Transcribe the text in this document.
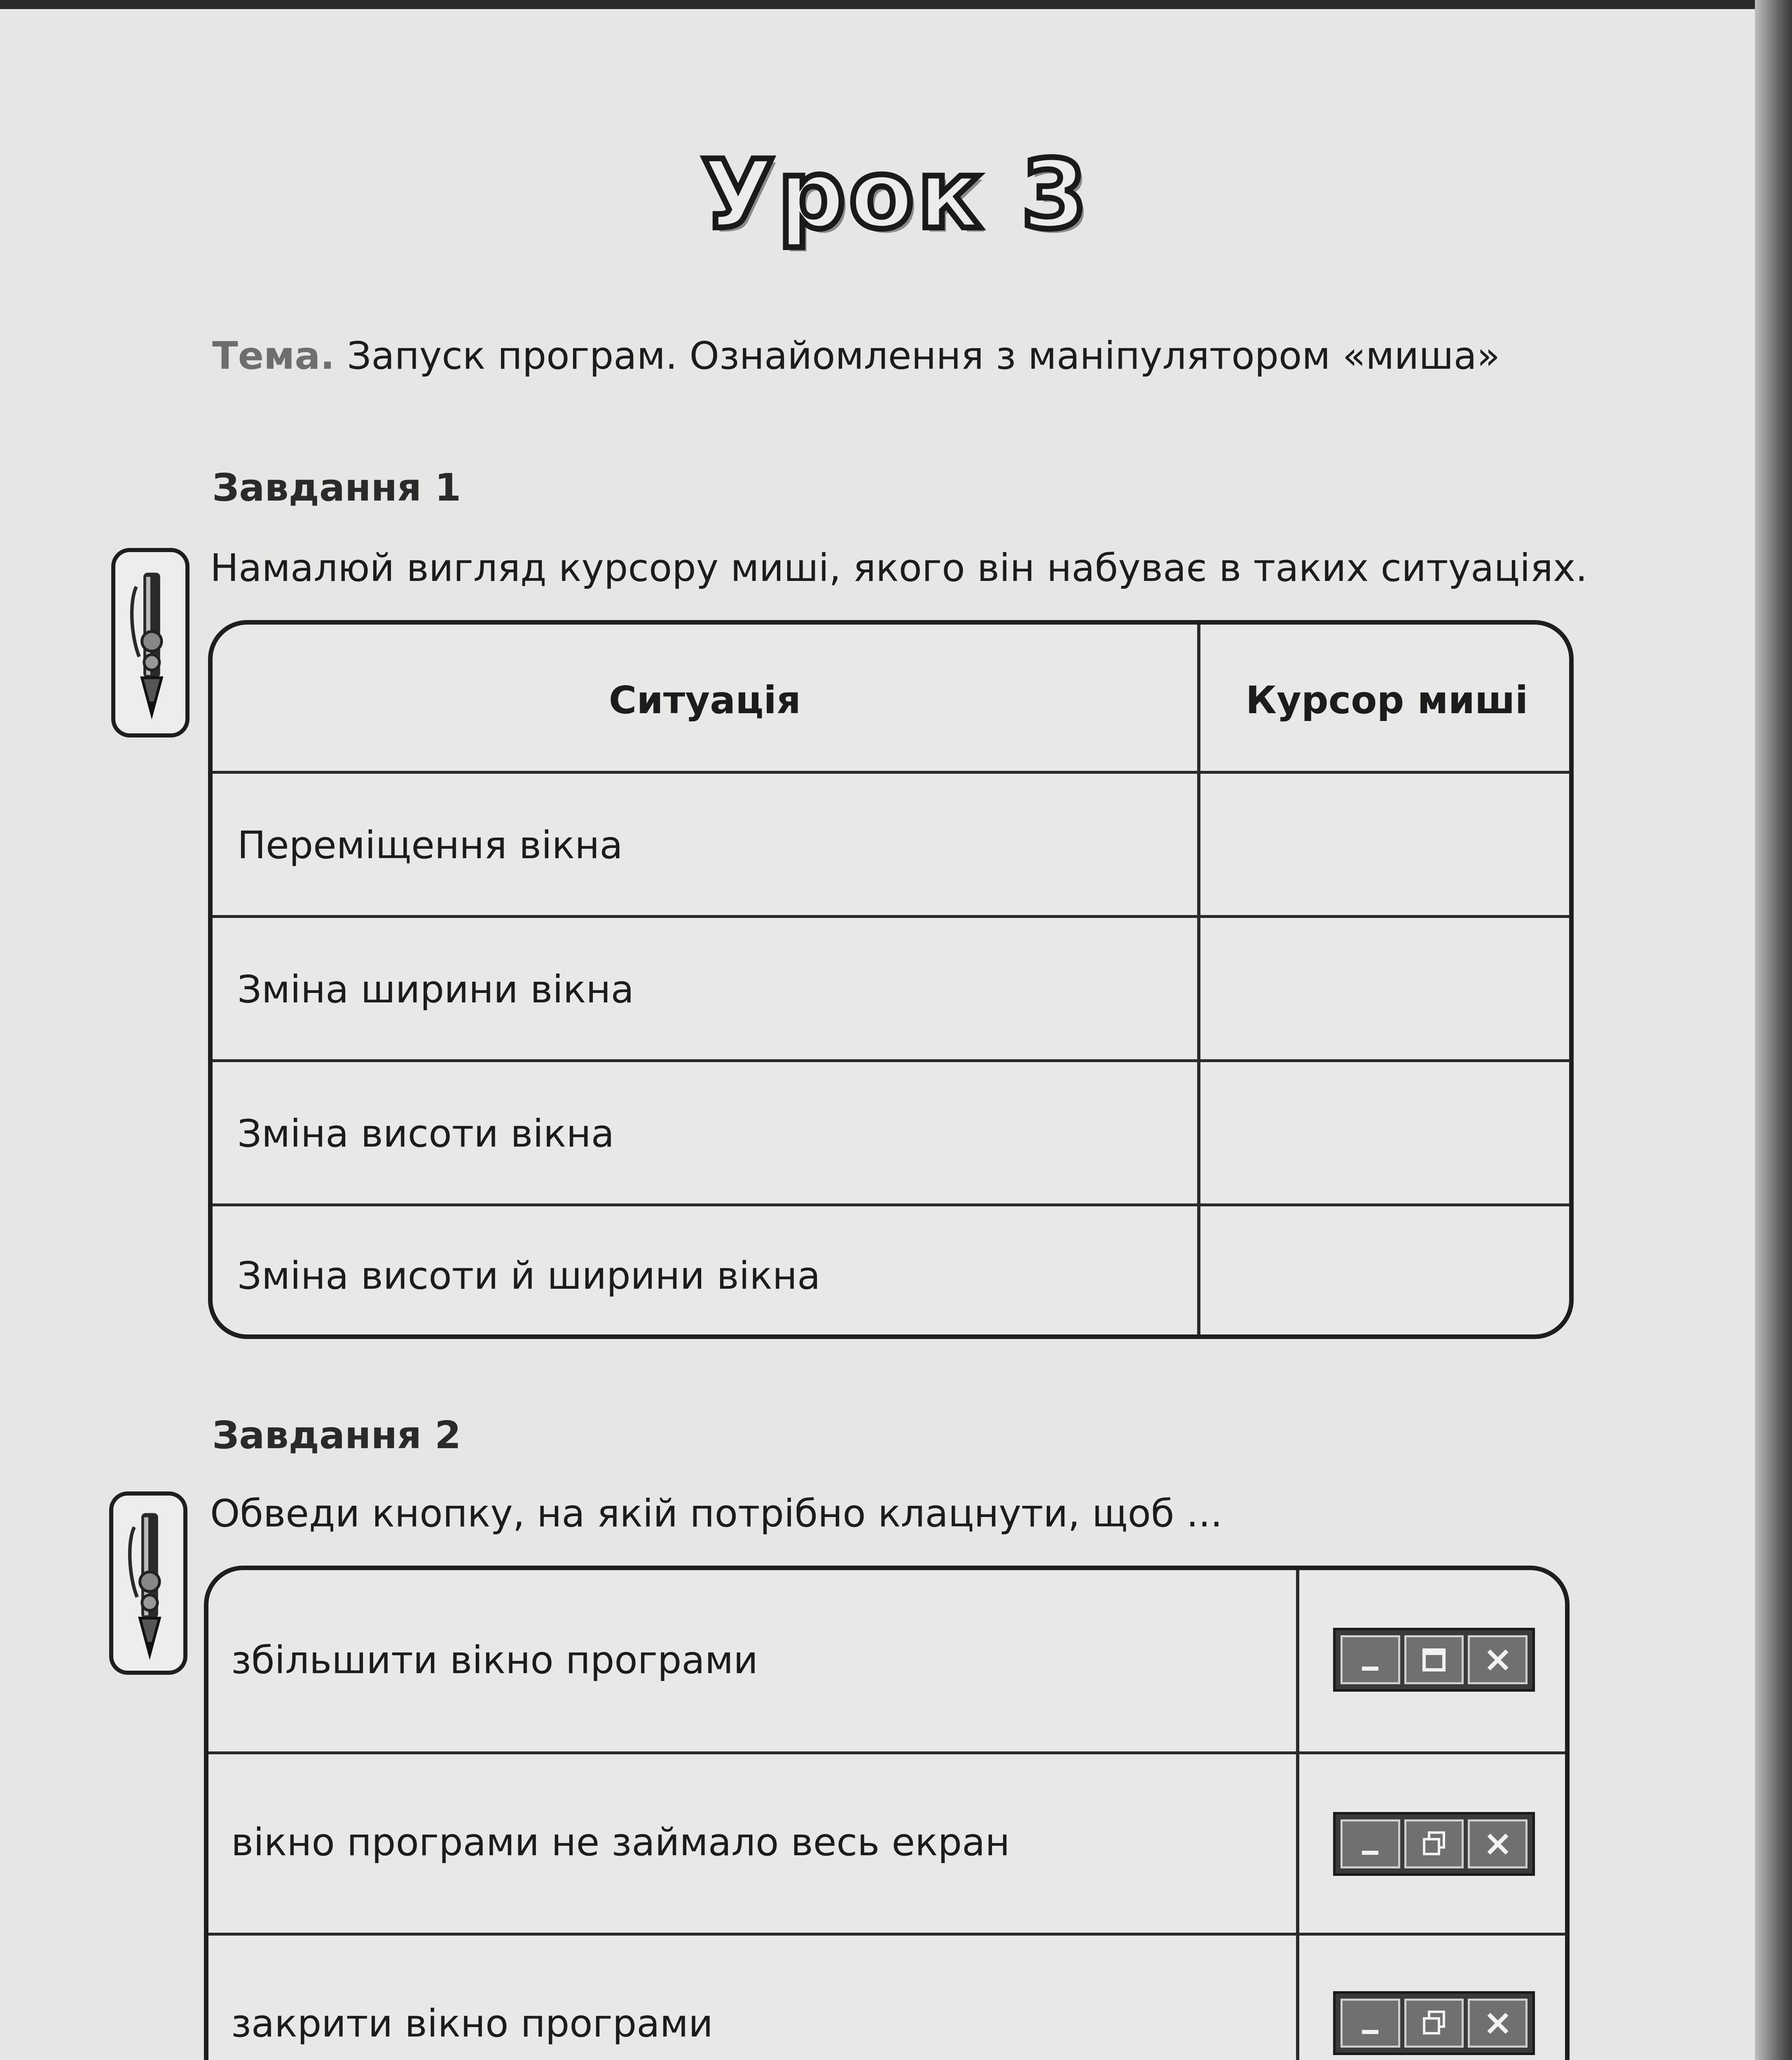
Урок 3
Тема. Запуск програм. Ознайомлення з маніпулятором «миша»
Завдання 1
Намалюй вигляд курсору миші, якого він набуває в таких ситуаціях.
Ситуація	Курсор миші
Переміщення вікна
Зміна ширини вікна
Зміна висоти вікна
Зміна висоти й ширини вікна
Завдання 2
Обведи кнопку, на якій потрібно клацнути, щоб ...
збільшити вікно програми
вікно програми не займало весь екран
закрити вікно програми
